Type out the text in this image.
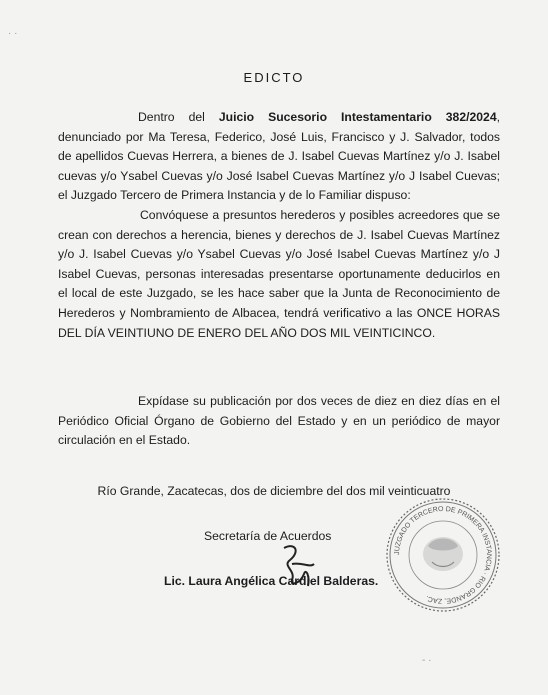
· ·
EDICTO
Dentro del Juicio Sucesorio Intestamentario 382/2024, denunciado por Ma Teresa, Federico, José Luis, Francisco y J. Salvador, todos de apellidos Cuevas Herrera, a bienes de J. Isabel Cuevas Martínez y/o J. Isabel cuevas y/o Ysabel Cuevas y/o José Isabel Cuevas Martínez y/o J Isabel Cuevas; el Juzgado Tercero de Primera Instancia y de lo Familiar dispuso:
Convóquese a presuntos herederos y posibles acreedores que se crean con derechos a herencia, bienes y derechos de J. Isabel Cuevas Martínez y/o J. Isabel Cuevas y/o Ysabel Cuevas y/o José Isabel Cuevas Martínez y/o J Isabel Cuevas, personas interesadas presentarse oportunamente deducirlos en el local de este Juzgado, se les hace saber que la Junta de Reconocimiento de Herederos y Nombramiento de Albacea, tendrá verificativo a las ONCE HORAS DEL DÍA VEINTIUNO DE ENERO DEL AÑO DOS MIL VEINTICINCO.
Expídase su publicación por dos veces de diez en diez días en el Periódico Oficial Órgano de Gobierno del Estado y en un periódico de mayor circulación en el Estado.
Río Grande, Zacatecas, dos de diciembre del dos mil veinticuatro
Secretaría de Acuerdos
Lic. Laura Angélica Cardiel Balderas.
JUZGADO TERCERO DE PRIMERA INSTANCIA · RIO GRANDE, ZAC.
- ·
